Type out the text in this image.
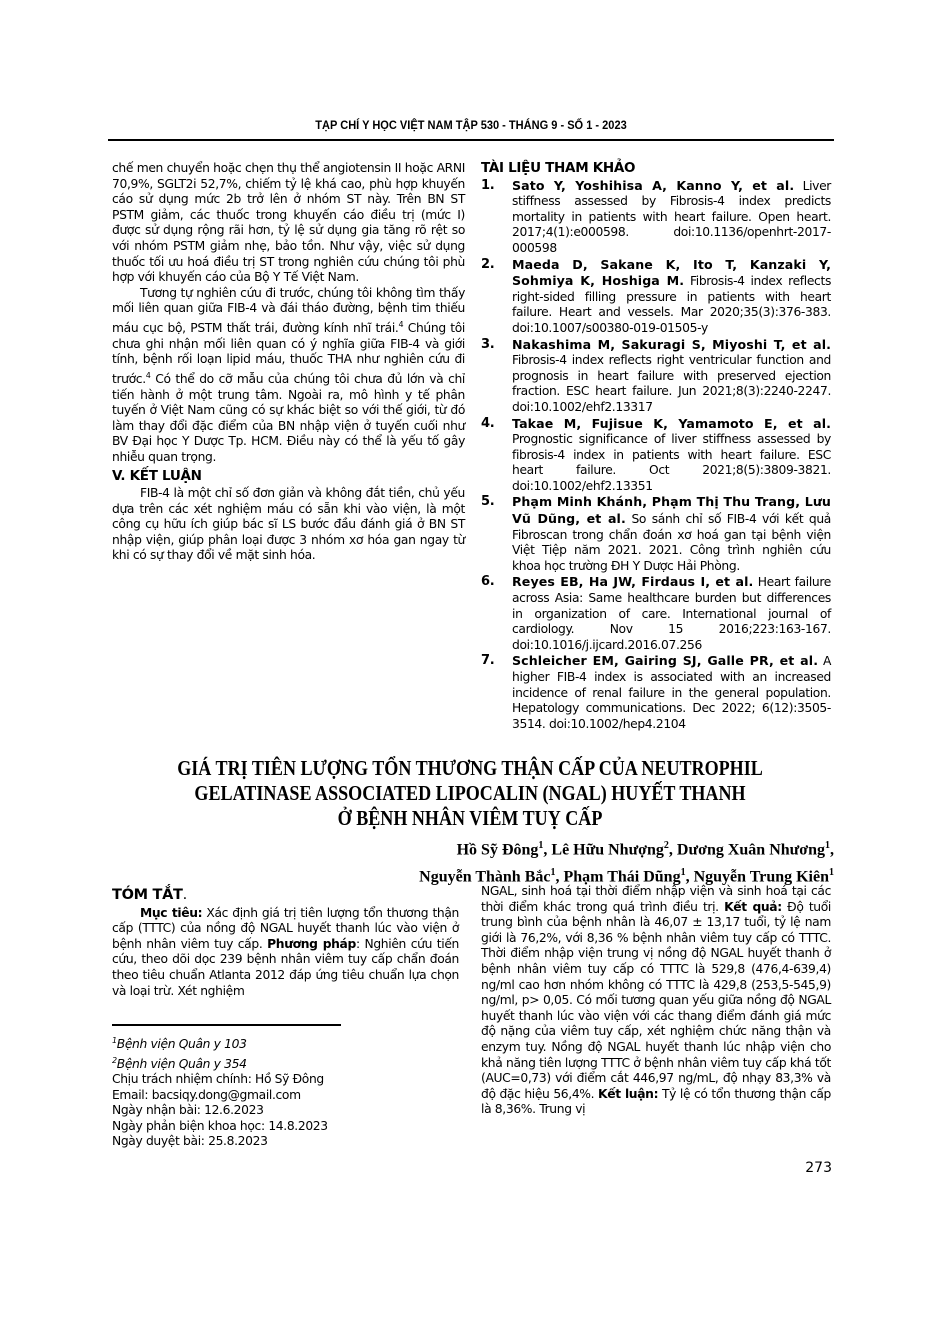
TẠP CHÍ Y HỌC VIỆT NAM TẬP 530 - THÁNG 9 - SỐ 1 - 2023

chế men chuyển hoặc chẹn thụ thể angiotensin II hoặc ARNI 70,9%, SGLT2i 52,7%, chiếm tỷ lệ khá cao, phù hợp khuyến cáo sử dụng mức 2b trở lên ở nhóm ST này. Trên BN ST PSTM giảm, các thuốc trong khuyến cáo điều trị (mức I) được sử dụng rộng rãi hơn, tỷ lệ sử dụng gia tăng rõ rệt so với nhóm PSTM giảm nhẹ, bảo tồn. Như vậy, việc sử dụng thuốc tối ưu hoá điều trị ST trong nghiên cứu chúng tôi phù hợp với khuyến cáo của Bộ Y Tế Việt Nam.

Tương tự nghiên cứu đi trước, chúng tôi không tìm thấy mối liên quan giữa FIB-4 và đái tháo đường, bệnh tim thiếu máu cục bộ, PSTM thất trái, đường kính nhĩ trái.$^4$ Chúng tôi chưa ghi nhận mối liên quan có ý nghĩa giữa FIB-4 và giới tính, bệnh rối loạn lipid máu, thuốc THA như nghiên cứu đi trước.$^4$ Có thể do cỡ mẫu của chúng tôi chưa đủ lớn và chỉ tiến hành ở một trung tâm. Ngoài ra, mô hình y tế phân tuyến ở Việt Nam cũng có sự khác biệt so với thế giới, từ đó làm thay đổi đặc điểm của BN nhập viện ở tuyến cuối như BV Đại học Y Dược Tp. HCM. Điều này có thể là yếu tố gây nhiễu quan trọng.

V. KẾT LUẬN

FIB-4 là một chỉ số đơn giản và không đắt tiền, chủ yếu dựa trên các xét nghiệm máu có sẵn khi vào viện, là một công cụ hữu ích giúp bác sĩ LS bước đầu đánh giá ở BN ST nhập viện, giúp phân loại được 3 nhóm xơ hóa gan ngay từ khi có sự thay đổi về mặt sinh hóa.

TÀI LIỆU THAM KHẢO
1. Sato Y, Yoshihisa A, Kanno Y, et al. Liver stiffness assessed by Fibrosis-4 index predicts mortality in patients with heart failure. Open heart. 2017;4(1):e000598. doi:10.1136/openhrt-2017-000598
2. Maeda D, Sakane K, Ito T, Kanzaki Y, Sohmiya K, Hoshiga M. Fibrosis-4 index reflects right-sided filling pressure in patients with heart failure. Heart and vessels. Mar 2020;35(3):376-383. doi:10.1007/s00380-019-01505-y
3. Nakashima M, Sakuragi S, Miyoshi T, et al. Fibrosis-4 index reflects right ventricular function and prognosis in heart failure with preserved ejection fraction. ESC heart failure. Jun 2021;8(3):2240-2247. doi:10.1002/ehf2.13317
4. Takae M, Fujisue K, Yamamoto E, et al. Prognostic significance of liver stiffness assessed by fibrosis-4 index in patients with heart failure. ESC heart failure. Oct 2021;8(5):3809-3821. doi:10.1002/ehf2.13351
5. Phạm Minh Khánh, Phạm Thị Thu Trang, Lưu Vũ Dũng, et al. So sánh chỉ số FIB-4 với kết quả Fibroscan trong chẩn đoán xơ hoá gan tại bệnh viện Việt Tiệp năm 2021. 2021. Công trình nghiên cứu khoa học trường ĐH Y Dược Hải Phòng.
6. Reyes EB, Ha JW, Firdaus I, et al. Heart failure across Asia: Same healthcare burden but differences in organization of care. International journal of cardiology. Nov 15 2016;223:163-167. doi:10.1016/j.ijcard.2016.07.256
7. Schleicher EM, Gairing SJ, Galle PR, et al. A higher FIB-4 index is associated with an increased incidence of renal failure in the general population. Hepatology communications. Dec 2022; 6(12):3505-3514. doi:10.1002/hep4.2104
GIÁ TRỊ TIÊN LƯỢNG TỔN THƯƠNG THẬN CẤP CỦA NEUTROPHIL
GELATINASE ASSOCIATED LIPOCALIN (NGAL) HUYẾT THANH
Ở BỆNH NHÂN VIÊM TUỴ CẤP
Hồ Sỹ Đông$^1$, Lê Hữu Nhượng$^2$, Dương Xuân Nhương$^1$,
Nguyễn Thành Bắc$^1$, Phạm Thái Dũng$^1$, Nguyễn Trung Kiên$^1$
TÓM TẮT.

Mục tiêu: Xác định giá trị tiên lượng tổn thương thận cấp (TTTC) của nồng độ NGAL huyết thanh lúc vào viện ở bệnh nhân viêm tuy cấp. Phương pháp: Nghiên cứu tiến cứu, theo dõi dọc 239 bệnh nhân viêm tuy cấp chẩn đoán theo tiêu chuẩn Atlanta 2012 đáp ứng tiêu chuẩn lựa chọn và loại trừ. Xét nghiệm

$^1$Bệnh viện Quân y 103
$^2$Bệnh viện Quân y 354
Chịu trách nhiệm chính: Hồ Sỹ Đông
Email: bacsiqy.dong@gmail.com
Ngày nhận bài: 12.6.2023
Ngày phản biện khoa học: 14.8.2023
Ngày duyệt bài: 25.8.2023

NGAL, sinh hoá tại thời điểm nhập viện và sinh hoá tại các thời điểm khác trong quá trình điều trị. Kết quả: Độ tuổi trung bình của bệnh nhân là 46,07 ± 13,17 tuổi, tỷ lệ nam giới là 76,2%, với 8,36 % bệnh nhân viêm tuy cấp có TTTC. Thời điểm nhập viện trung vị nồng độ NGAL huyết thanh ở bệnh nhân viêm tuy cấp có TTTC là 529,8 (476,4-639,4) ng/ml cao hơn nhóm không có TTTC là 429,8 (253,5-545,9) ng/ml, p> 0,05. Có mối tương quan yếu giữa nồng độ NGAL huyết thanh lúc vào viện với các thang điểm đánh giá mức độ nặng của viêm tuy cấp, xét nghiệm chức năng thận và enzym tuy. Nồng độ NGAL huyết thanh lúc nhập viện cho khả năng tiên lượng TTTC ở bệnh nhân viêm tuy cấp khá tốt (AUC=0,73) với điểm cắt 446,97 ng/mL, độ nhạy 83,3% và độ đặc hiệu 56,4%. Kết luận: Tỷ lệ có tổn thương thận cấp là 8,36%. Trung vị

273
